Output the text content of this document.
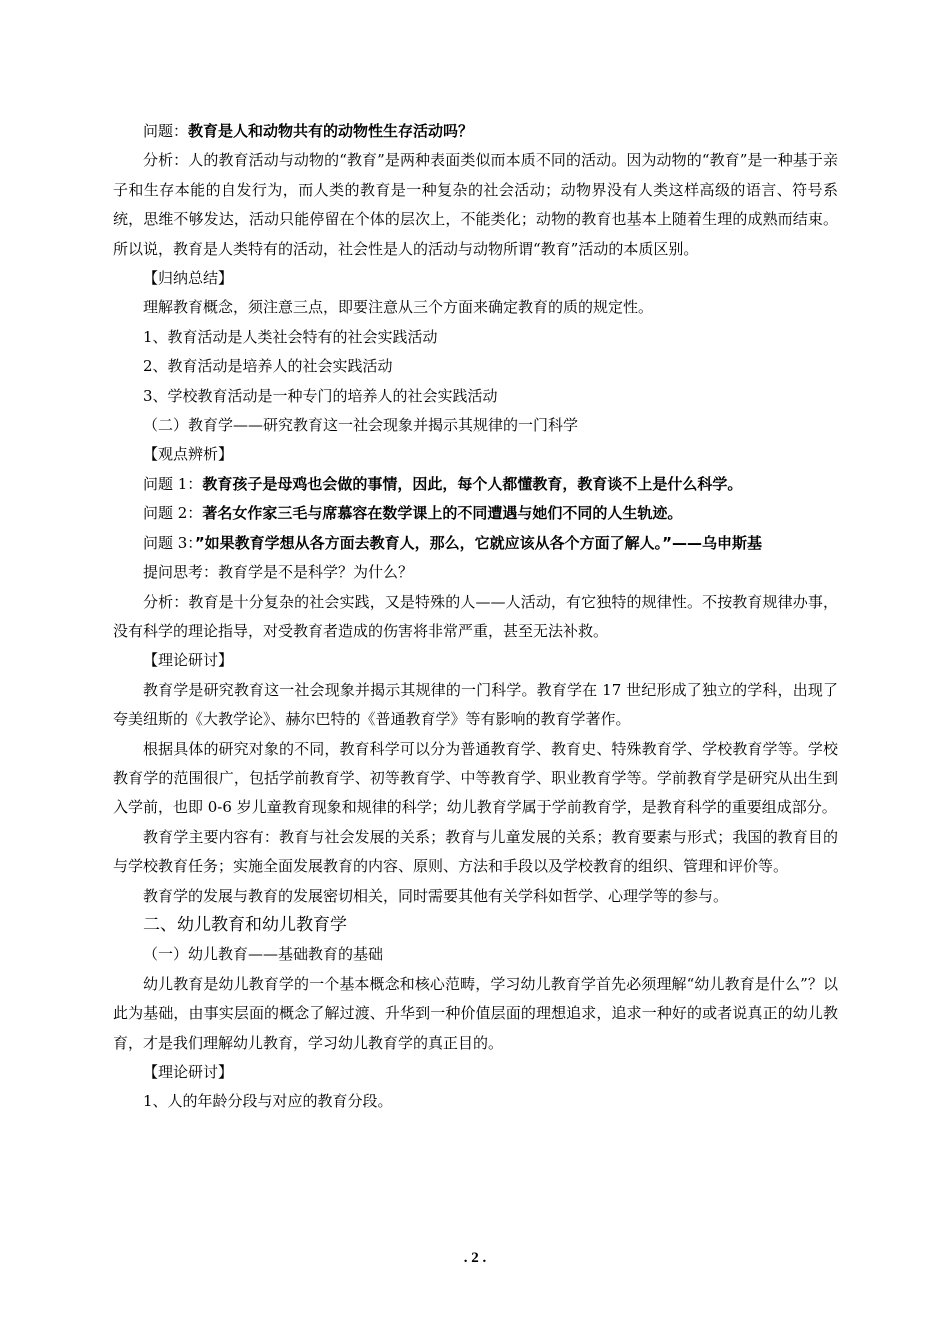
问题：教育是人和动物共有的动物性生存活动吗？

分析：人的教育活动与动物的“教育”是两种表面类似而本质不同的活动。因为动物的“教育”是一种基于亲子和生存本能的自发行为，而人类的教育是一种复杂的社会活动；动物界没有人类这样高级的语言、符号系统，思维不够发达，活动只能停留在个体的层次上，不能类化；动物的教育也基本上随着生理的成熟而结束。所以说，教育是人类特有的活动，社会性是人的活动与动物所谓“教育”活动的本质区别。

【归纳总结】

理解教育概念，须注意三点，即要注意从三个方面来确定教育的质的规定性。

1、教育活动是人类社会特有的社会实践活动

2、教育活动是培养人的社会实践活动

3、学校教育活动是一种专门的培养人的社会实践活动

（二）教育学——研究教育这一社会现象并揭示其规律的一门科学

【观点辨析】

问题 1：教育孩子是母鸡也会做的事情，因此，每个人都懂教育，教育谈不上是什么科学。

问题 2：著名女作家三毛与席慕容在数学课上的不同遭遇与她们不同的人生轨迹。

问题 3：”如果教育学想从各方面去教育人，那么，它就应该从各个方面了解人。”——乌申斯基

提问思考：教育学是不是科学？为什么？

分析：教育是十分复杂的社会实践，又是特殊的人——人活动，有它独特的规律性。不按教育规律办事，没有科学的理论指导，对受教育者造成的伤害将非常严重，甚至无法补救。

【理论研讨】

教育学是研究教育这一社会现象并揭示其规律的一门科学。教育学在 17 世纪形成了独立的学科，出现了夸美纽斯的《大教学论》、赫尔巴特的《普通教育学》等有影响的教育学著作。

根据具体的研究对象的不同，教育科学可以分为普通教育学、教育史、特殊教育学、学校教育学等。学校教育学的范围很广，包括学前教育学、初等教育学、中等教育学、职业教育学等。学前教育学是研究从出生到入学前，也即 0-6 岁儿童教育现象和规律的科学；幼儿教育学属于学前教育学，是教育科学的重要组成部分。

教育学主要内容有：教育与社会发展的关系；教育与儿童发展的关系；教育要素与形式；我国的教育目的与学校教育任务；实施全面发展教育的内容、原则、方法和手段以及学校教育的组织、管理和评价等。

教育学的发展与教育的发展密切相关，同时需要其他有关学科如哲学、心理学等的参与。

二、幼儿教育和幼儿教育学

（一）幼儿教育——基础教育的基础

幼儿教育是幼儿教育学的一个基本概念和核心范畴，学习幼儿教育学首先必须理解“幼儿教育是什么”？以此为基础，由事实层面的概念了解过渡、升华到一种价值层面的理想追求，追求一种好的或者说真正的幼儿教育，才是我们理解幼儿教育，学习幼儿教育学的真正目的。

【理论研讨】

1、人的年龄分段与对应的教育分段。

. 2 .
